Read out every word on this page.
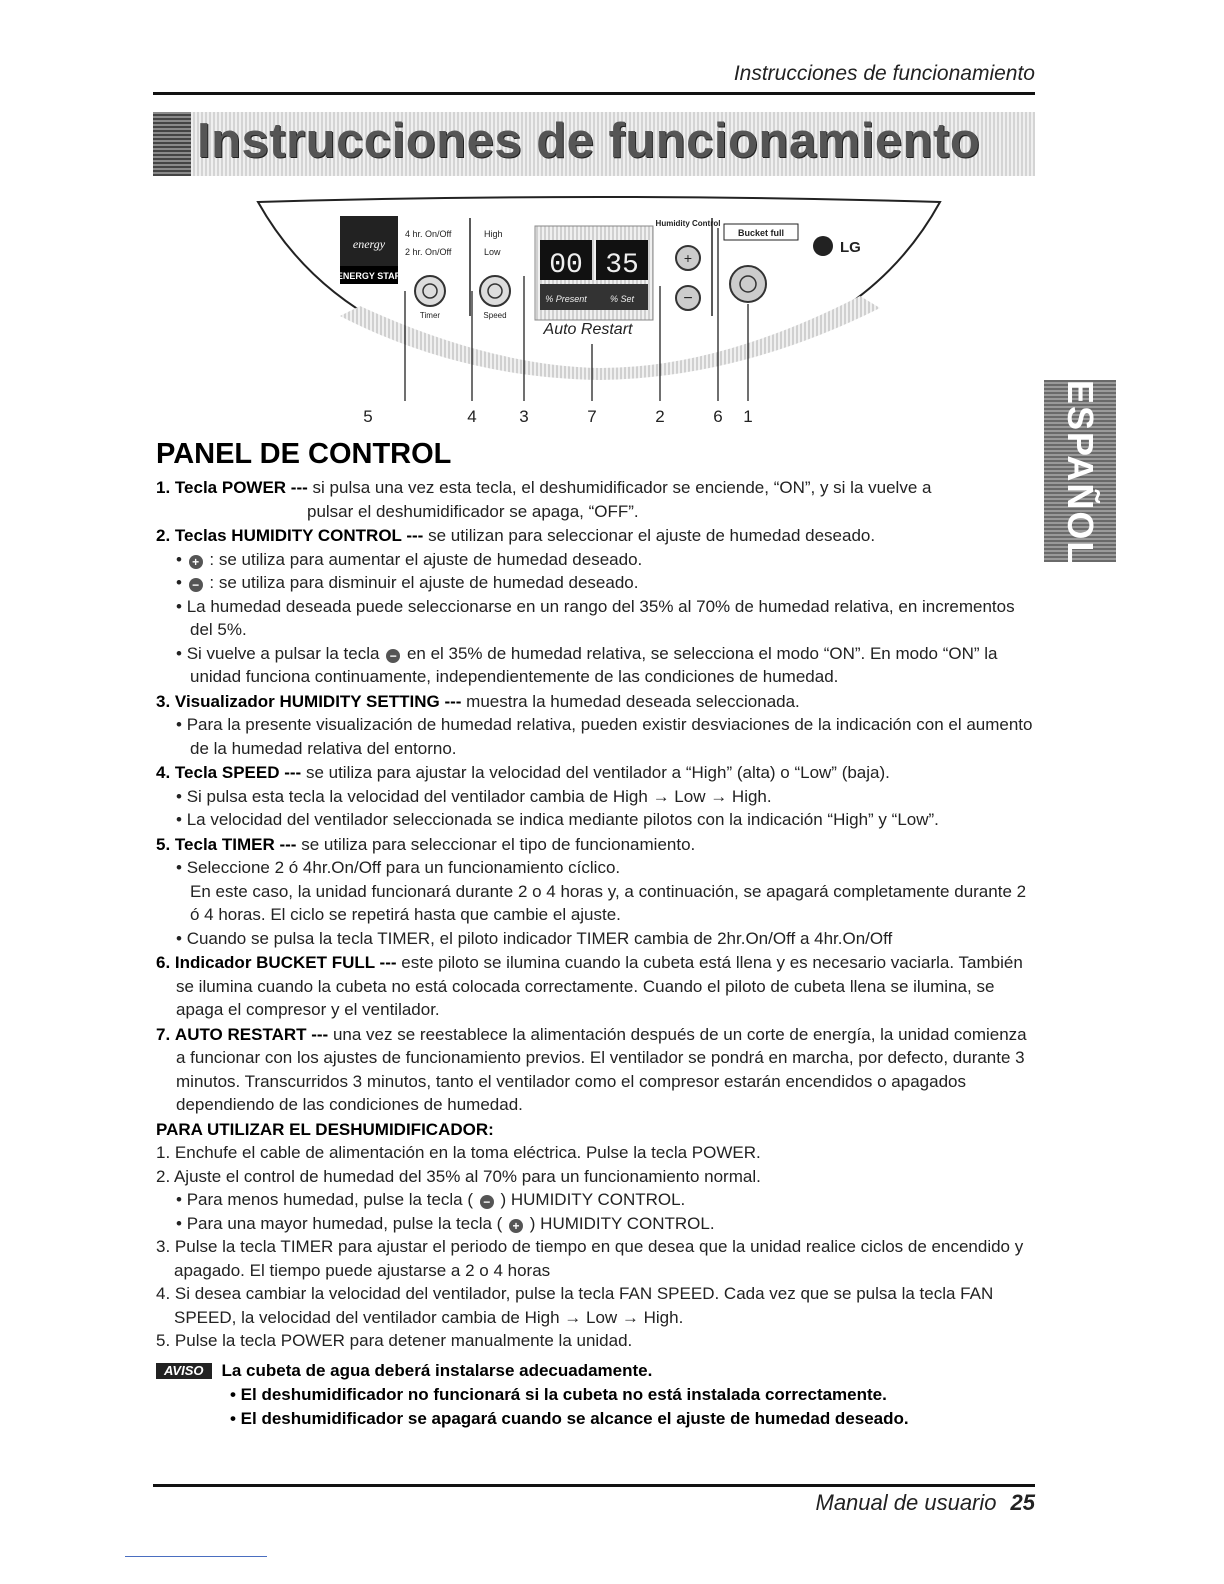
Instrucciones de funcionamiento
Instrucciones de funcionamiento
ESPAÑOL
energy
ENERGY STAR
4 hr. On/Off
2 hr. On/Off
High
Low
Timer	Speed
00 35
% Present	% Set
Auto Restart
Humidity Control
+
−
Bucket full
LG
5	4	3	7	2	6 1
PANEL DE CONTROL
1. Tecla POWER --- si pulsa una vez esta tecla, el deshumidificador se enciende, “ON”, y si la vuelve a
pulsar el deshumidificador se apaga, “OFF”.
2. Teclas HUMIDITY CONTROL --- se utilizan para seleccionar el ajuste de humedad deseado.
• + : se utiliza para aumentar el ajuste de humedad deseado.
• − : se utiliza para disminuir el ajuste de humedad deseado.
• La humedad deseada puede seleccionarse en un rango del 35% al 70% de humedad relativa, en incrementos del 5%.
• Si vuelve a pulsar la tecla − en el 35% de humedad relativa, se selecciona el modo “ON”. En modo “ON” la unidad funciona continuamente, independientemente de las condiciones de humedad.
3. Visualizador HUMIDITY SETTING --- muestra la humedad deseada seleccionada.
• Para la presente visualización de humedad relativa, pueden existir desviaciones de la indicación con el aumento de la humedad relativa del entorno.
4. Tecla SPEED --- se utiliza para ajustar la velocidad del ventilador a “High” (alta) o “Low” (baja).
• Si pulsa esta tecla la velocidad del ventilador cambia de High → Low → High.
• La velocidad del ventilador seleccionada se indica mediante pilotos con la indicación “High” y “Low”.
5. Tecla TIMER --- se utiliza para seleccionar el tipo de funcionamiento.
• Seleccione 2 ó 4hr.On/Off para un funcionamiento cíclico.
En este caso, la unidad funcionará durante 2 o 4 horas y, a continuación, se apagará completamente durante 2 ó 4 horas. El ciclo se repetirá hasta que cambie el ajuste.
• Cuando se pulsa la tecla TIMER, el piloto indicador TIMER cambia de 2hr.On/Off a 4hr.On/Off
6. Indicador BUCKET FULL --- este piloto se ilumina cuando la cubeta está llena y es necesario vaciarla. También se ilumina cuando la cubeta no está colocada correctamente. Cuando el piloto de cubeta llena se ilumina, se apaga el compresor y el ventilador.
7. AUTO RESTART --- una vez se reestablece la alimentación después de un corte de energía, la unidad comienza a funcionar con los ajustes de funcionamiento previos. El ventilador se pondrá en marcha, por defecto, durante 3 minutos. Transcurridos 3 minutos, tanto el ventilador como el compresor estarán encendidos o apagados dependiendo de las condiciones de humedad.
PARA UTILIZAR EL DESHUMIDIFICADOR:
1. Enchufe el cable de alimentación en la toma eléctrica. Pulse la tecla POWER.
2. Ajuste el control de humedad del 35% al 70% para un funcionamiento normal.
• Para menos humedad, pulse la tecla ( − ) HUMIDITY CONTROL.
• Para una mayor humedad, pulse la tecla ( + ) HUMIDITY CONTROL.
3. Pulse la tecla TIMER para ajustar el periodo de tiempo en que desea que la unidad realice ciclos de encendido y apagado. El tiempo puede ajustarse a 2 o 4 horas
4. Si desea cambiar la velocidad del ventilador, pulse la tecla FAN SPEED. Cada vez que se pulsa la tecla FAN SPEED, la velocidad del ventilador cambia de High → Low → High.
5. Pulse la tecla POWER para detener manualmente la unidad.
AVISO La cubeta de agua deberá instalarse adecuadamente.
• El deshumidificador no funcionará si la cubeta no está instalada correctamente.
• El deshumidificador se apagará cuando se alcance el ajuste de humedad deseado.
Manual de usuario 25
